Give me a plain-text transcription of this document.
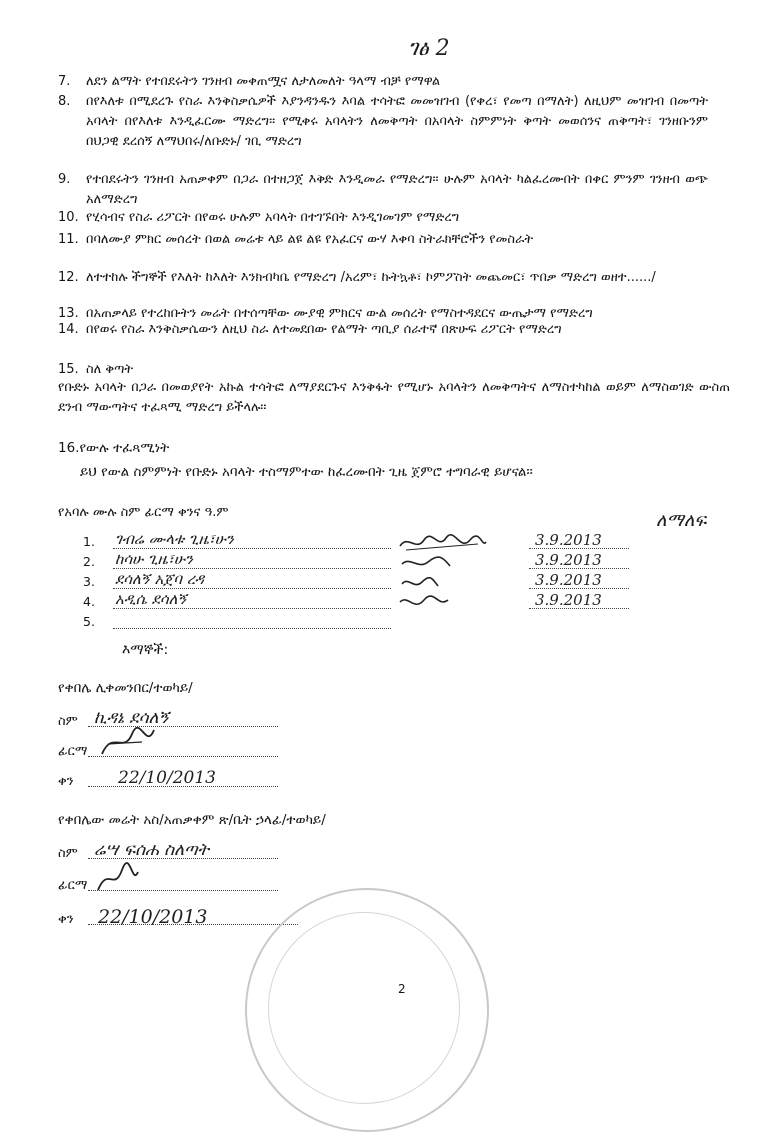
ገፅ 2
7.	ለደን ልማት የተበደሩትን ገንዘብ መቀጠሟና ለታለመለት ዓላማ ብቻ የማዋል
8.	በየእለቱ በሚደረጉ የስራ እንቅስቃሴዎች እያንዳንዱን እባል ተሳትፎ መመዝገብ (የቀረ፣ የመጣ በማለት) ለዚህም መዝገብ በመጣት አባላት በየእለቱ እንዲፈርሙ ማድረግ፡፡ የሚቀሩ አባላትን ለመቅጣት በአባላት ስምምነት ቅጣት መወሰንና ጠቅጣት፣ ገንዘቡንም በህጋዊ ደረሰኝ ለማህበሩ/ለቡድኑ/ ገቢ ማድረግ
9.	የተበደሩትን ገንዘብ አጠቃቀም በጋራ በተዘጋጀ እቅድ እንዲመራ የማድረግ፡፡ ሁሉም አባላት ካልፈረሙበት በቀር ምንም ገንዘብ ወጭ አለማድረግ
10. የሂሳብና የስራ ሪፖርት በየወሩ ሁሉም አባላት በተገኙበት እንዲገመገም የማድረግ
11. በባለሙያ ምክር መሰረት በወል መሬቱ ላይ ልዩ ልዩ የአፈርና ውሃ እቀባ ስትራክቸሮችን የመስራት
12. ለተተከሉ ችግኞች የእለት ከእለት እንክብካቤ የማድረግ /አረም፣ ኩትኳቶ፣ ኮምፖስት መጨመር፣ ጥበቃ ማድረግ ወዘተ....../
13. በአጠቃላይ የተረከቡትን መሬት በተሰጣቸው ሙያዊ ምክርና ውል መሰረት የማስተዳደርና ውጤታማ የማድረግ
14. በየወሩ የስራ እንቅስቃሴውን ለዚህ ስራ ለተመደበው የልማት ጣቢያ ሰራተኛ በጽሁፍ ሪፖርት የማድረግ
15. ስለ ቅጣት
የቡድኑ አባላት በጋራ በመወያየት አኩል ተሳትፎ ለማያደርጉና እንቅፋት የሚሆኑ አባላትን ለመቅጣትና ለማስተካከል ወይም ለማስወገድ ውስጠ ደንብ ማውጣትና ተፈጻሚ ማድረግ ይችላሉ፡፡
16.የውሉ ተፈጻሚነት
ይህ የውል ስምምነት የቡድኑ አባላት ተስማምተው ከፈረሙበት ጊዜ ጀምሮ ተግባራዊ ይሆናል፡፡
የአባሉ ሙሉ ስም ፊርማ ቀንና ዓ.ም
1. ገብሬ ሙላቱ ጊዜ፣ሁን	3.9.2013
2. ከሳሁ ጊዜ፣ሁን	3.9.2013
3. ደሳለኝ አጀባ ረዳ	3.9.2013
4. አዲሴ ደሳለኝ	3.9.2013
5.
ለማለፍ
እማኞች:
የቀበሌ ሊቀመንበር/ተወካይ/
ስም ኪዳኔ ደሳለኝ
ፊርማ
ቀን	22/10/2013
የቀበሌው መሬት አስ/አጠቃቀም ጽ/ቤት ኃላፊ/ተወካይ/
ስም ሬሣ ፍሰሐ ስለጣት
ፊርማ
ቀን 22/10/2013
2
